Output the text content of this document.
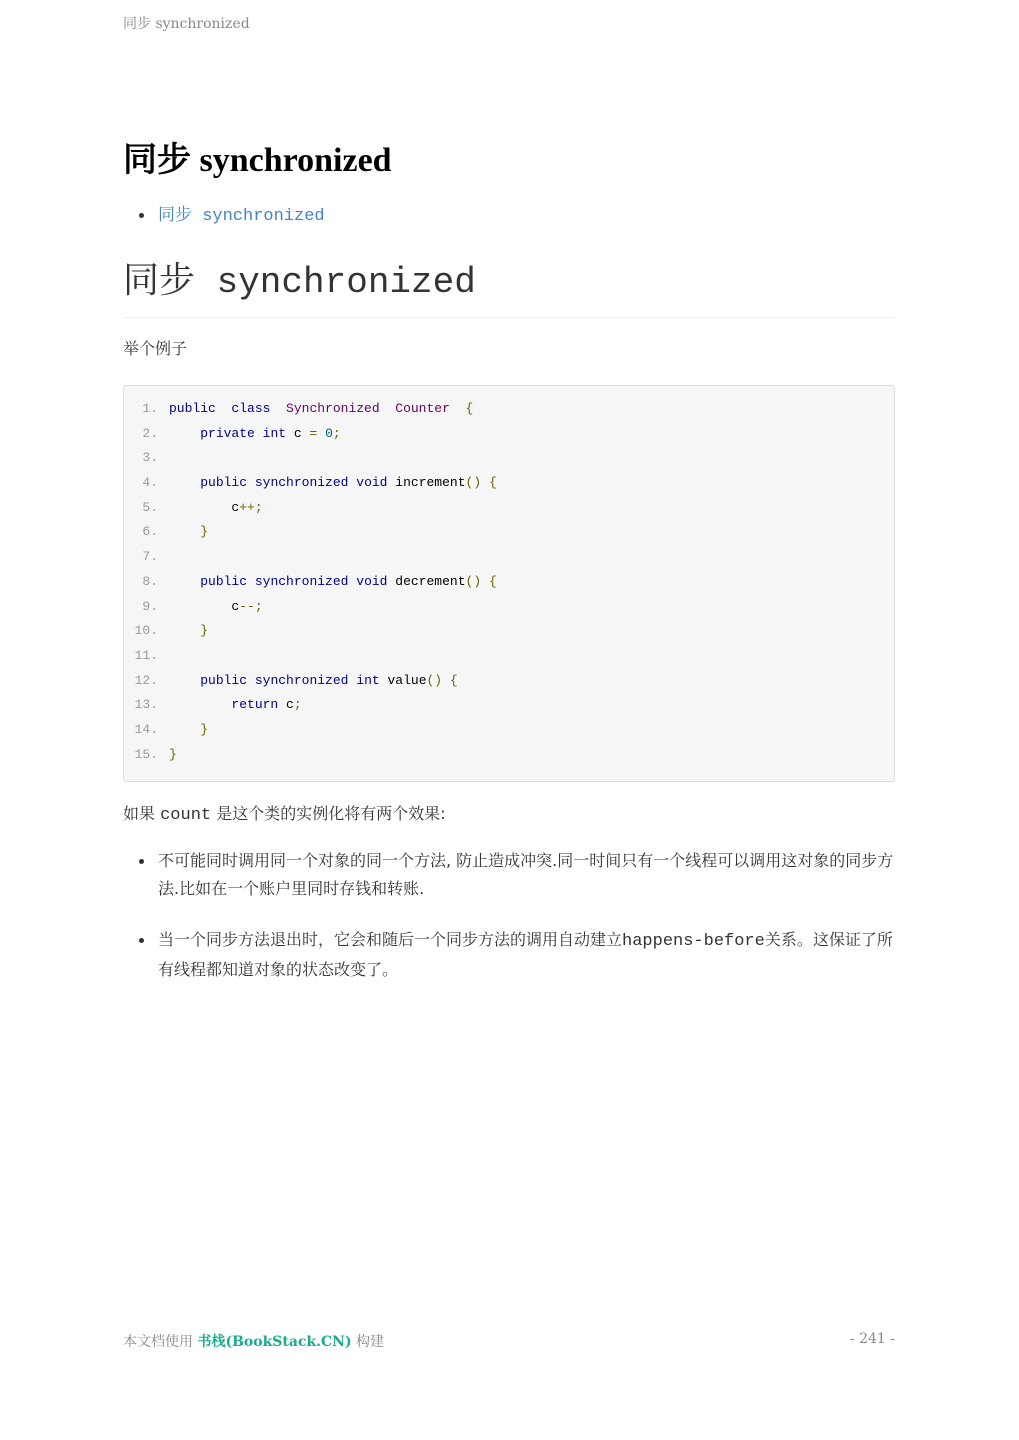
同步 synchronized
同步 synchronized
同步 synchronized
同步 synchronized

举个例子

1. public class Synchronized Counter {
2.	private int c = 0;
3.
4.	public synchronized void increment() {
5. c++;
6.	}
7.
8.	public synchronized void decrement() {
9. c--;
10.	}
11.
12.	public synchronized int value() {
13.	return c;
14.	}
15. }

如果 count 是这个类的实例化将有两个效果:

不可能同时调用同一个对象的同一个方法, 防止造成冲突.同一时间只有一个线程可以调用这对象的同步方法.比如在一个账户里同时存钱和转账.
当一个同步方法退出时，它会和随后一个同步方法的调用自动建立happens-before关系。这保证了所有线程都知道对象的状态改变了。
本文档使用 书栈(BookStack.CN) 构建	- 241 -
